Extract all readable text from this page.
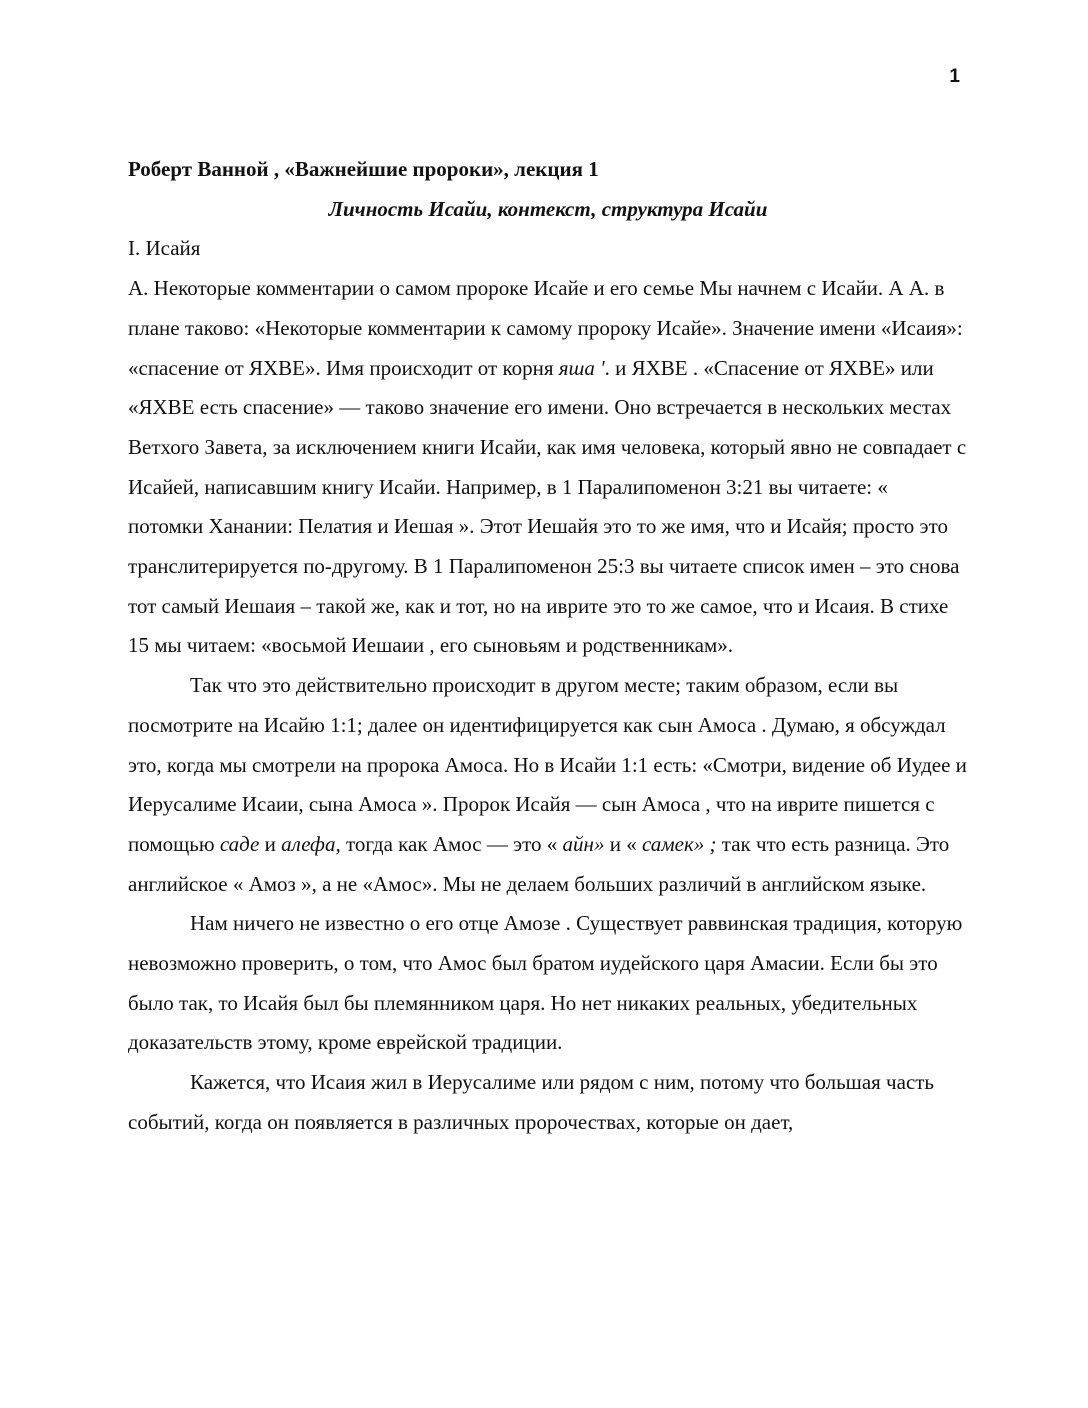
1

Роберт Ванной , «Важнейшие пророки», лекция 1

Личность Исайи, контекст, структура Исайи

I. Исайя

А. Некоторые комментарии о самом пророке Исайе и его семье Мы начнем с Исайи. А А. в плане таково: «Некоторые комментарии к самому пророку Исайе». Значение имени «Исаия»: «спасение от ЯХВЕ». Имя происходит от корня яша '. и ЯХВЕ . «Спасение от ЯХВЕ» или «ЯХВЕ есть спасение» — таково значение его имени. Оно встречается в нескольких местах Ветхого Завета, за исключением книги Исайи, как имя человека, который явно не совпадает с Исайей, написавшим книгу Исайи. Например, в 1 Паралипоменон 3:21 вы читаете: « потомки Ханании: Пелатия и Иешая ». Этот Иешайя это то же имя, что и Исайя; просто это транслитерируется по-другому. В 1 Паралипоменон 25:3 вы читаете список имен – это снова тот самый Иешаия – такой же, как и тот, но на иврите это то же самое, что и Исаия. В стихе 15 мы читаем: «восьмой Иешаии , его сыновьям и родственникам».

Так что это действительно происходит в другом месте; таким образом, если вы посмотрите на Исайю 1:1; далее он идентифицируется как сын Амоса . Думаю, я обсуждал это, когда мы смотрели на пророка Амоса. Но в Исайи 1:1 есть: «Смотри, видение об Иудее и Иерусалиме Исаии, сына Амоса ». Пророк Исайя — сын Амоса , что на иврите пишется с помощью саде и алефа, тогда как Амос — это « айн» и « самек» ; так что есть разница. Это английское « Амоз », а не «Амос». Мы не делаем больших различий в английском языке.

Нам ничего не известно о его отце Амозе . Существует раввинская традиция, которую невозможно проверить, о том, что Амос был братом иудейского царя Амасии. Если бы это было так, то Исайя был бы племянником царя. Но нет никаких реальных, убедительных доказательств этому, кроме еврейской традиции.

Кажется, что Исаия жил в Иерусалиме или рядом с ним, потому что большая часть событий, когда он появляется в различных пророчествах, которые он дает,
